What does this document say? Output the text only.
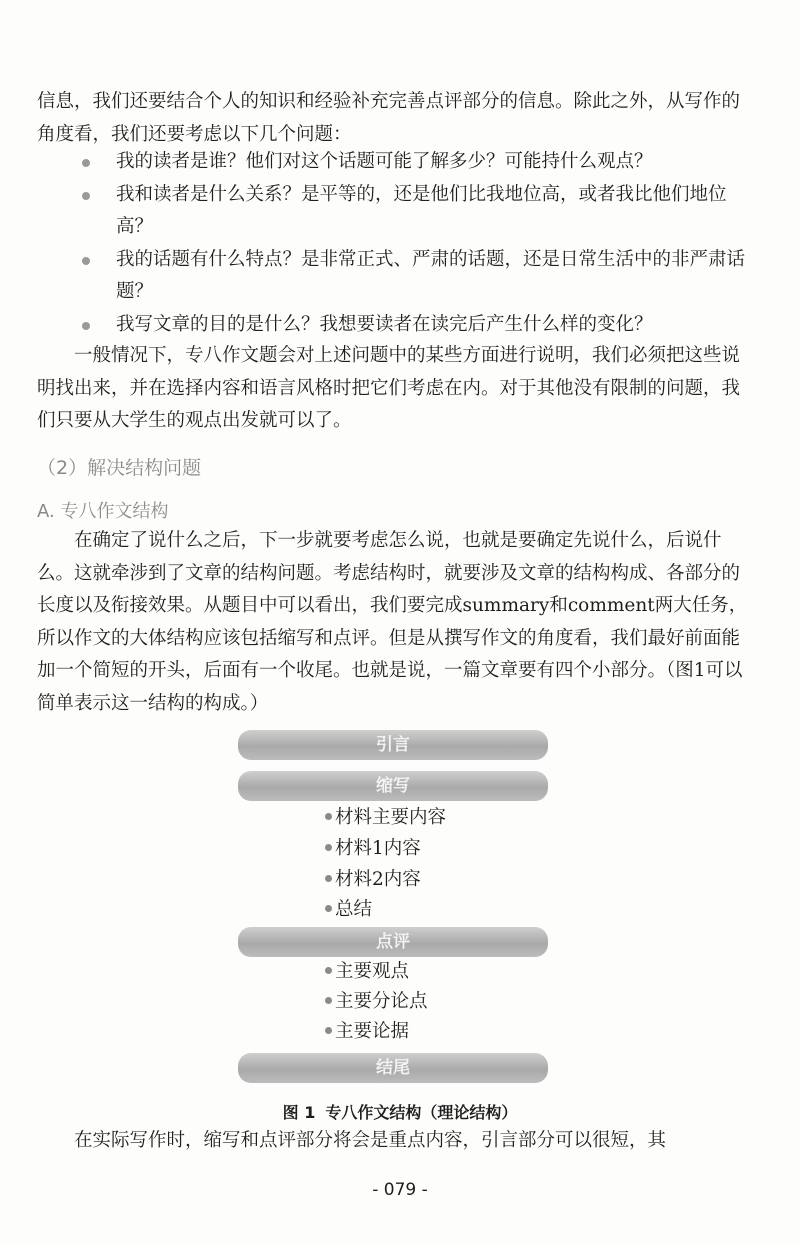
信息，我们还要结合个人的知识和经验补充完善点评部分的信息。除此之外，从写作的角度看，我们还要考虑以下几个问题：

我的读者是谁？他们对这个话题可能了解多少？可能持什么观点？
我和读者是什么关系？是平等的，还是他们比我地位高，或者我比他们地位高？
我的话题有什么特点？是非常正式、严肃的话题，还是日常生活中的非严肃话题？
我写文章的目的是什么？我想要读者在读完后产生什么样的变化？

一般情况下，专八作文题会对上述问题中的某些方面进行说明，我们必须把这些说明找出来，并在选择内容和语言风格时把它们考虑在内。对于其他没有限制的问题，我们只要从大学生的观点出发就可以了。

（2）解决结构问题
A. 专八作文结构

在确定了说什么之后，下一步就要考虑怎么说，也就是要确定先说什么，后说什么。这就牵涉到了文章的结构问题。考虑结构时，就要涉及文章的结构构成、各部分的长度以及衔接效果。从题目中可以看出，我们要完成summary和comment两大任务，所以作文的大体结构应该包括缩写和点评。但是从撰写作文的角度看，我们最好前面能加一个简短的开头，后面有一个收尾。也就是说，一篇文章要有四个小部分。（图1可以简单表示这一结构的构成。）

引言
缩写
材料主要内容
材料1内容
材料2内容
总结
点评
主要观点
主要分论点
主要论据
结尾
图 1 专八作文结构（理论结构）

在实际写作时，缩写和点评部分将会是重点内容，引言部分可以很短，其

- 079 -
